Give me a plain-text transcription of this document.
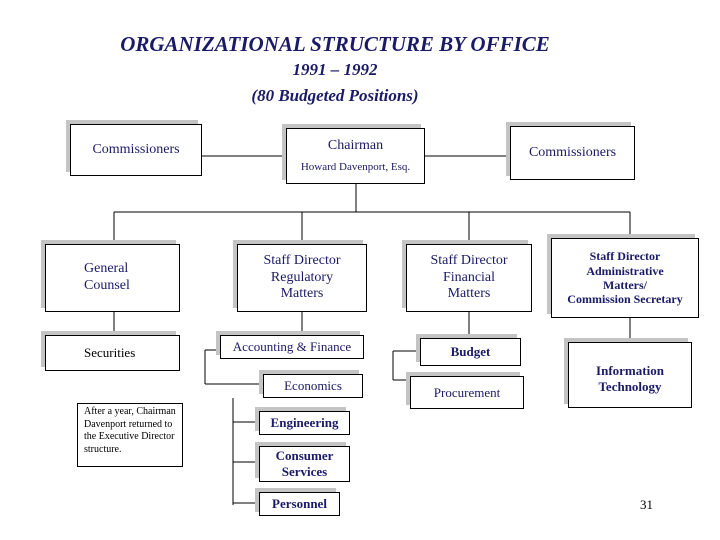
ORGANIZATIONAL STRUCTURE BY OFFICE
1991 – 1992
(80 Budgeted Positions)
Commissioners	Chairman
Howard Davenport, Esq.
Commissioners
General
Counsel
Staff Director
Regulatory
Matters
Staff Director
Financial
Matters
Staff Director
Administrative
Matters/
Commission Secretary
Securities	Accounting & Finance
Economics
Engineering
Consumer
Services
Personnel
Budget
Procurement
Information
Technology
After a year, Chairman Davenport returned to the Executive Director structure.
31
